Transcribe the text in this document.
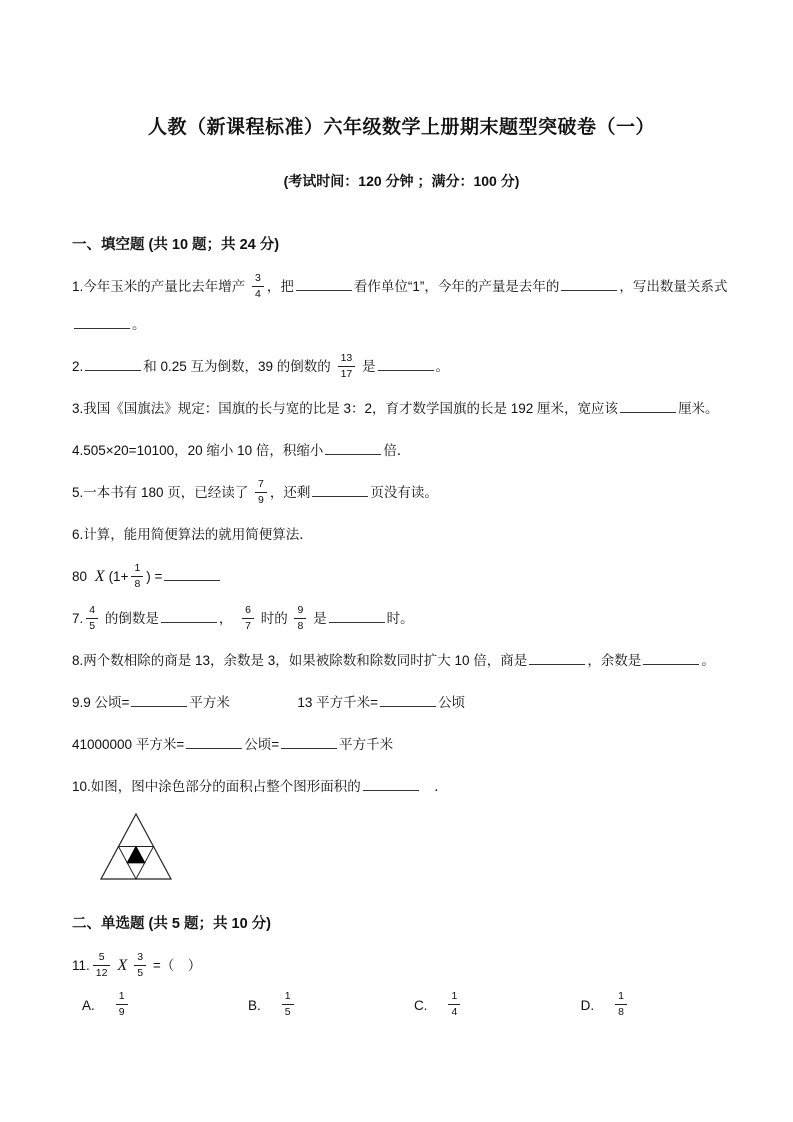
人教（新课程标准）六年级数学上册期末题型突破卷（一）
(考试时间：120 分钟 ；满分：100 分)
一、填空题 (共 10 题；共 24 分)

1.今年玉米的产量比去年增产 $\frac{3}{4}$ ，把	看作单位“1”，今年的产量是去年的	，写出数量关系式。

2.	和 0.25 互为倒数，39 的倒数的 $\frac{13}{17}$ 是	。

3.我国《国旗法》规定：国旗的长与宽的比是 3：2，育才数学国旗的长是 192 厘米，宽应该	厘米。

4.505×20=10100，20 缩小 10 倍，积缩小	倍．

5.一本书有 180 页，已经读了 $\frac{7}{9}$ ，还剩	页没有读。

6.计算，能用简便算法的就用简便算法．

80 X ($1+ \frac{1}{8}$ ) =

7. $\frac{4}{5}$ 的倒数是	，　 $\frac{6}{7}$ 时的 $\frac{9}{8}$ 是	时。

8.两个数相除的商是 13，余数是 3，如果被除数和除数同时扩大 10 倍，商是	，余数是	。

9.9 公顷=	平方米　　　　　13 平方千米=	公顷

41000000 平方米=	公顷=	平方千米

10.如图，图中涂色部分的面积占整个图形面积的	　．

二、单选题 (共 5 题；共 10 分)

11. $\frac{5}{12}$ X $\frac{3}{5}$ =（　）

A. $\frac{1}{9}$	B. $\frac{1}{5}$	C. $\frac{1}{4}$	D. $\frac{1}{8}$
